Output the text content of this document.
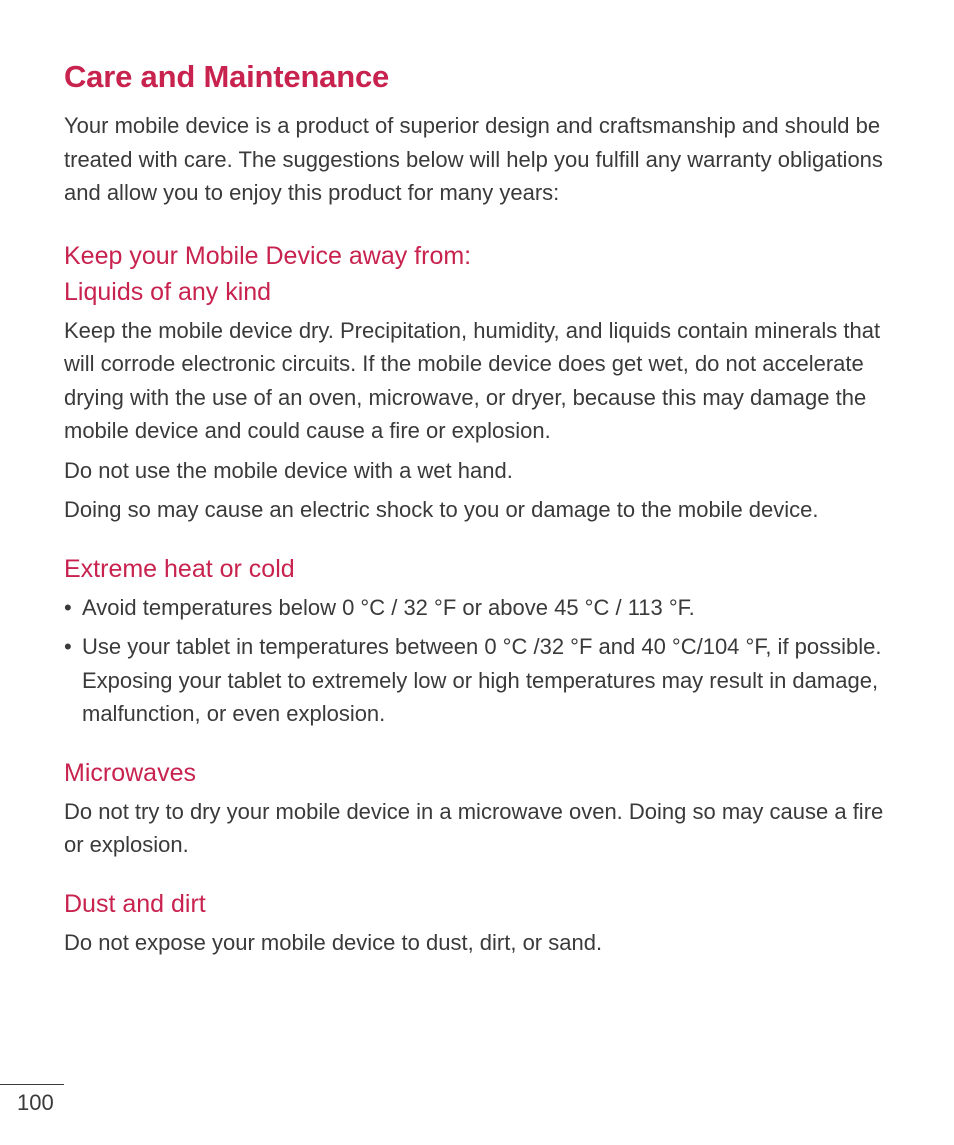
Care and Maintenance

Your mobile device is a product of superior design and craftsmanship and should be treated with care. The suggestions below will help you fulfill any warranty obligations and allow you to enjoy this product for many years:

Keep your Mobile Device away from:
Liquids of any kind

Keep the mobile device dry. Precipitation, humidity, and liquids contain minerals that will corrode electronic circuits. If the mobile device does get wet, do not accelerate drying with the use of an oven, microwave, or dryer, because this may damage the mobile device and could cause a fire or explosion.

Do not use the mobile device with a wet hand.

Doing so may cause an electric shock to you or damage to the mobile device.

Extreme heat or cold
• Avoid temperatures below 0 °C / 32 °F or above 45 °C / 113 °F.
• Use your tablet in temperatures between 0 °C /32 °F and 40 °C/104 °F, if possible. Exposing your tablet to extremely low or high temperatures may result in damage, malfunction, or even explosion.
Microwaves

Do not try to dry your mobile device in a microwave oven. Doing so may cause a fire or explosion.

Dust and dirt

Do not expose your mobile device to dust, dirt, or sand.

100
